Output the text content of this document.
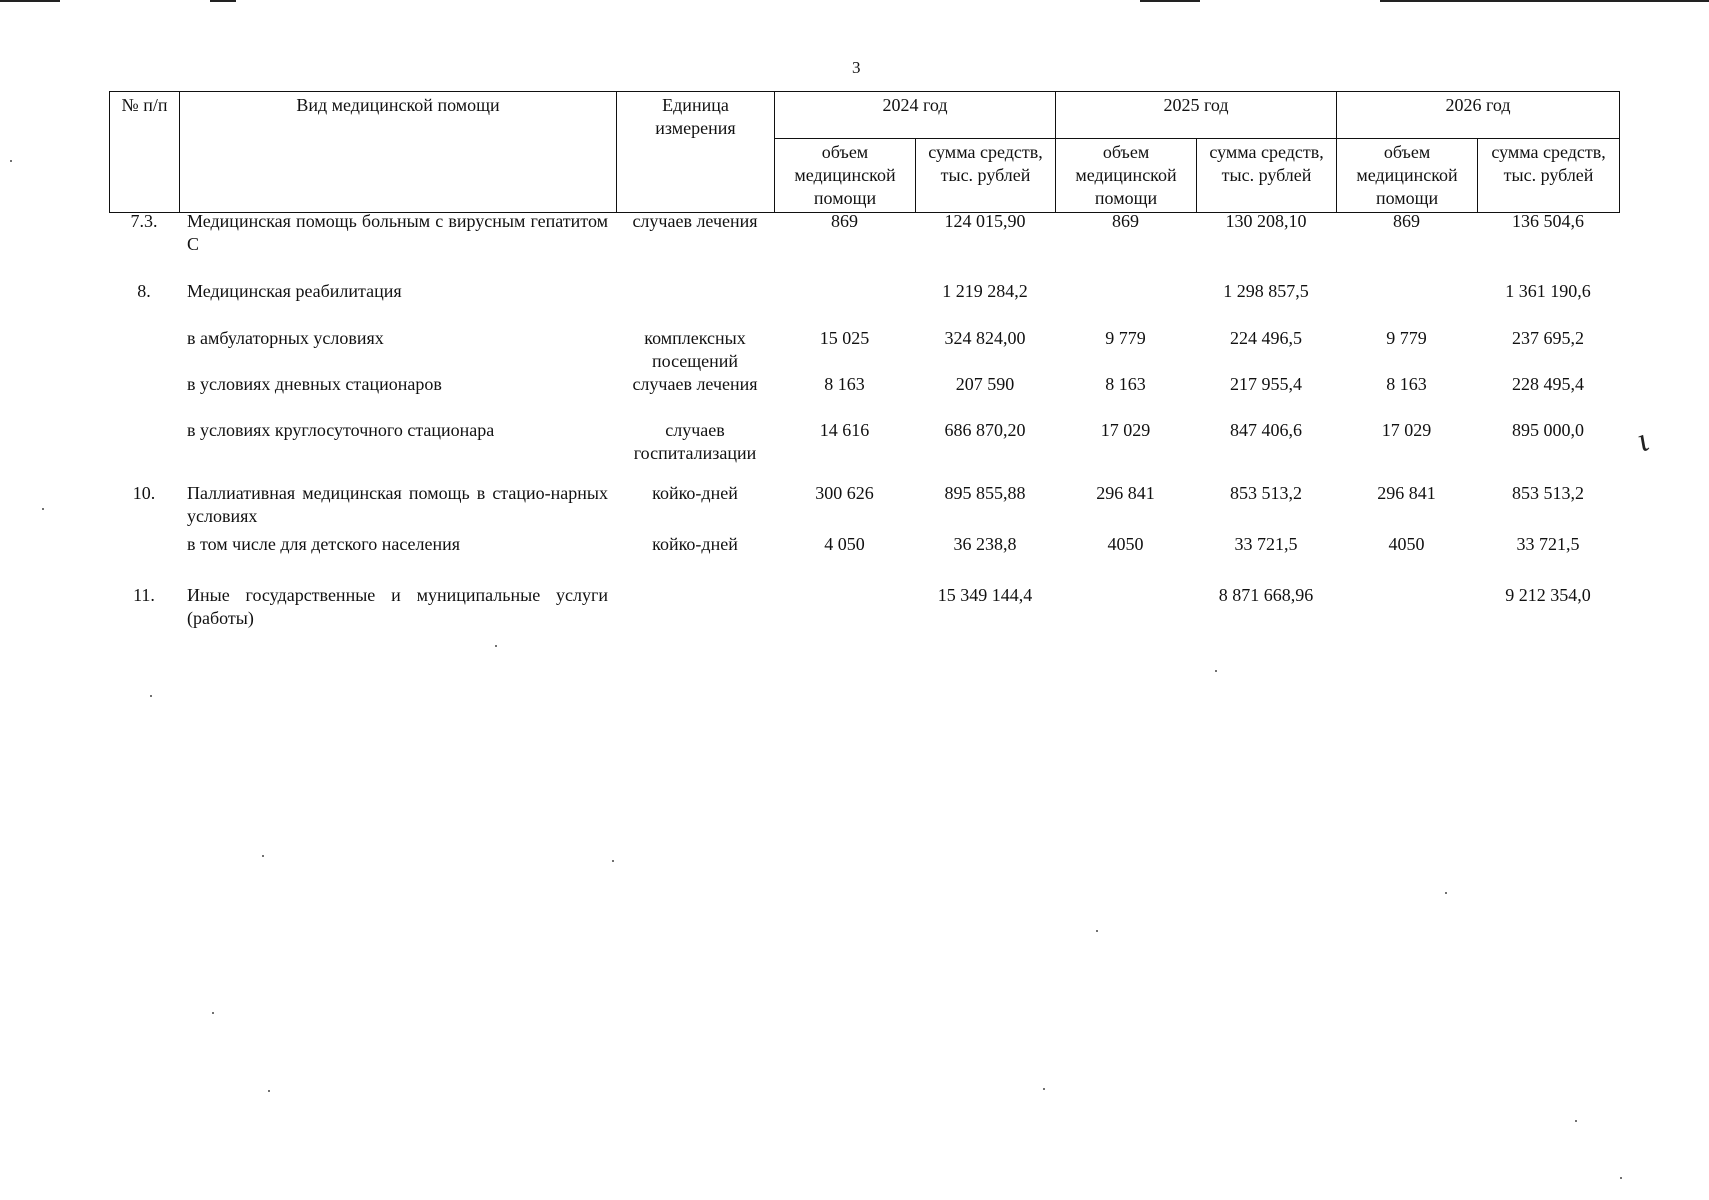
3
ι
№ п/п	Вид медицинской помощи	Единица измерения	2024 год		2025 год		2026 год	
			объем медицинской помощи	сумма средств, тыс. рублей	объем медицинской помощи	сумма средств, тыс. рублей	объем медицинской помощи	сумма средств, тыс. рублей
7.3.	Медицинская помощь больным с вирусным гепатитом С	случаев лечения	869	124 015,90	869	130 208,10	869	136 504,6
8.	Медицинская реабилитация			1 219 284,2		1 298 857,5		1 361 190,6
	в амбулаторных условиях	комплексных посещений	15 025	324 824,00	9 779	224 496,5	9 779	237 695,2
	в условиях дневных стационаров	случаев лечения	8 163	207 590	8 163	217 955,4	8 163	228 495,4
	в условиях круглосуточного стационара	случаев госпитализации	14 616	686 870,20	17 029	847 406,6	17 029	895 000,0
10.	Паллиативная медицинская помощь в стацио-нарных условиях	койко-дней	300 626	895 855,88	296 841	853 513,2	296 841	853 513,2
	в том числе для детского населения	койко-дней	4 050	36 238,8	4050	33 721,5	4050	33 721,5
11.	Иные государственные и муниципальные услуги (работы)			15 349 144,4		8 871 668,96		9 212 354,0
